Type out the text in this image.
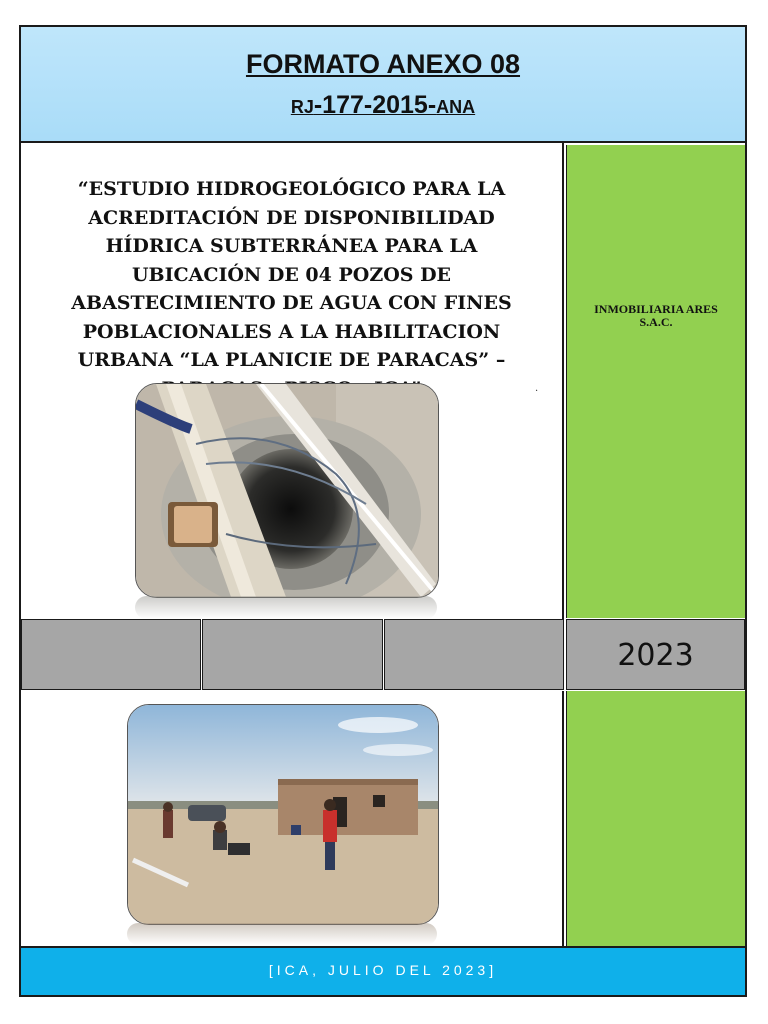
FORMATO ANEXO 08
RJ-177-2015-ANA
“ESTUDIO HIDROGEOLÓGICO PARA LA ACREDITACIÓN DE DISPONIBILIDAD HÍDRICA SUBTERRÁNEA PARA LA UBICACIÓN DE 04 POZOS DE ABASTECIMIENTO DE AGUA CON FINES POBLACIONALES A LA HABILITACION URBANA “LA PLANICIE DE PARACAS” –
.
INMOBILIARIA ARES
S.A.C.
2023
[ICA, JULIO DEL 2023]
